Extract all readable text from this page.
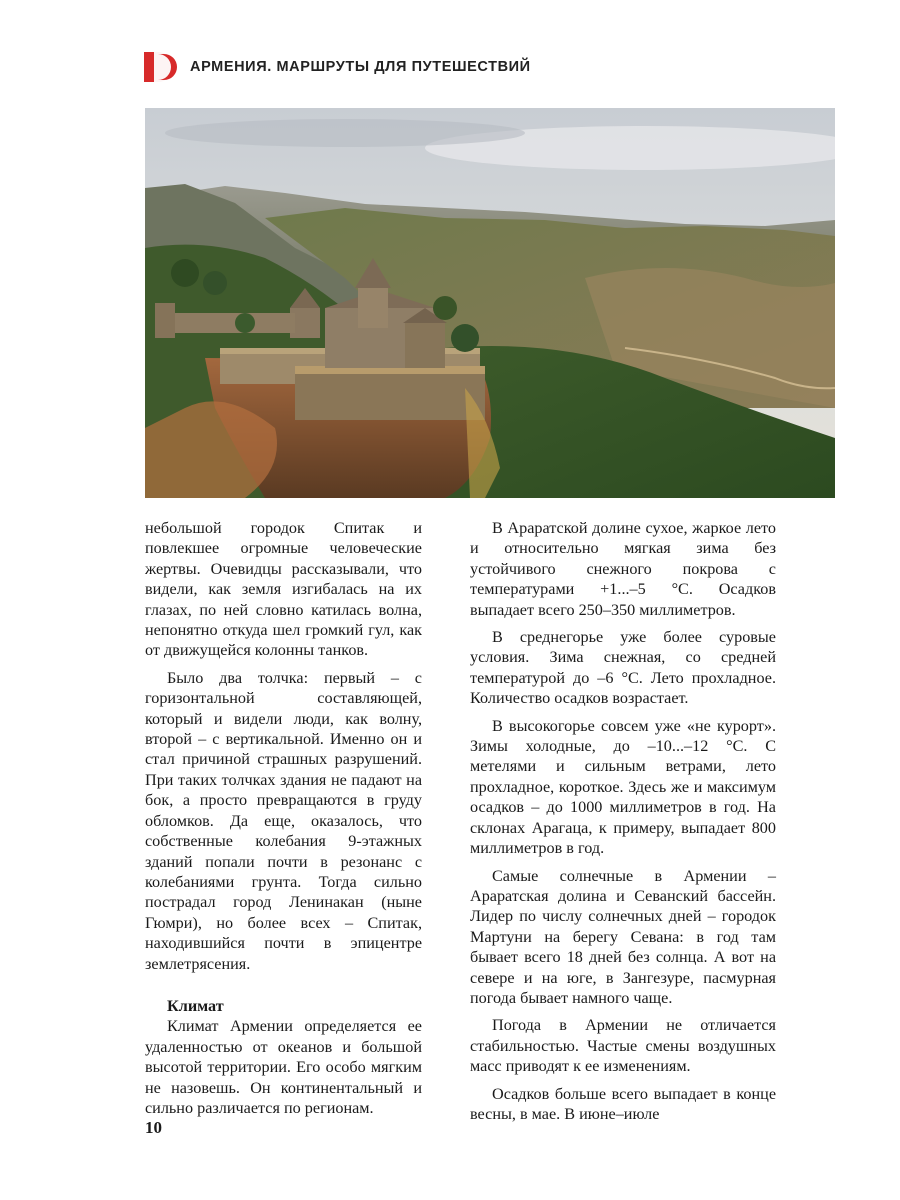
АРМЕНИЯ. МАРШРУТЫ ДЛЯ ПУТЕШЕСТВИЙ

небольшой городок Спитак и повлекшее огромные человеческие жертвы. Очевидцы рассказывали, что видели, как земля изгибалась на их глазах, по ней словно катилась волна, непонятно откуда шел громкий гул, как от движущейся колонны танков.

Было два толчка: первый – с горизонтальной составляющей, который и видели люди, как волну, второй – с вертикальной. Именно он и стал причиной страшных разрушений. При таких толчках здания не падают на бок, а просто превращаются в груду обломков. Да еще, оказалось, что собственные колебания 9-этажных зданий попали почти в резонанс с колебаниями грунта. Тогда сильно пострадал город Ленинакан (ныне Гюмри), но более всех – Спитак, находившийся почти в эпицентре землетрясения.

Климат

Климат Армении определяется ее удаленностью от океанов и большой высотой территории. Его особо мягким не назовешь. Он континентальный и сильно различается по регионам.

В Араратской долине сухое, жаркое лето и относительно мягкая зима без устойчивого снежного покрова с температурами +1...–5 °С. Осадков выпадает всего 250–350 миллиметров.

В среднегорье уже более суровые условия. Зима снежная, со средней температурой до –6 °С. Лето прохладное. Количество осадков возрастает.

В высокогорье совсем уже «не курорт». Зимы холодные, до –10...–12 °С. С метелями и сильным ветрами, лето прохладное, короткое. Здесь же и максимум осадков – до 1000 миллиметров в год. На склонах Арагаца, к примеру, выпадает 800 миллиметров в год.

Самые солнечные в Армении – Араратская долина и Севанский бассейн. Лидер по числу солнечных дней – городок Мартуни на берегу Севана: в год там бывает всего 18 дней без солнца. А вот на севере и на юге, в Зангезуре, пасмурная погода бывает намного чаще.

Погода в Армении не отличается стабильностью. Частые смены воздушных масс приводят к ее изменениям.

Осадков больше всего выпадает в конце весны, в мае. В июне–июле

10
